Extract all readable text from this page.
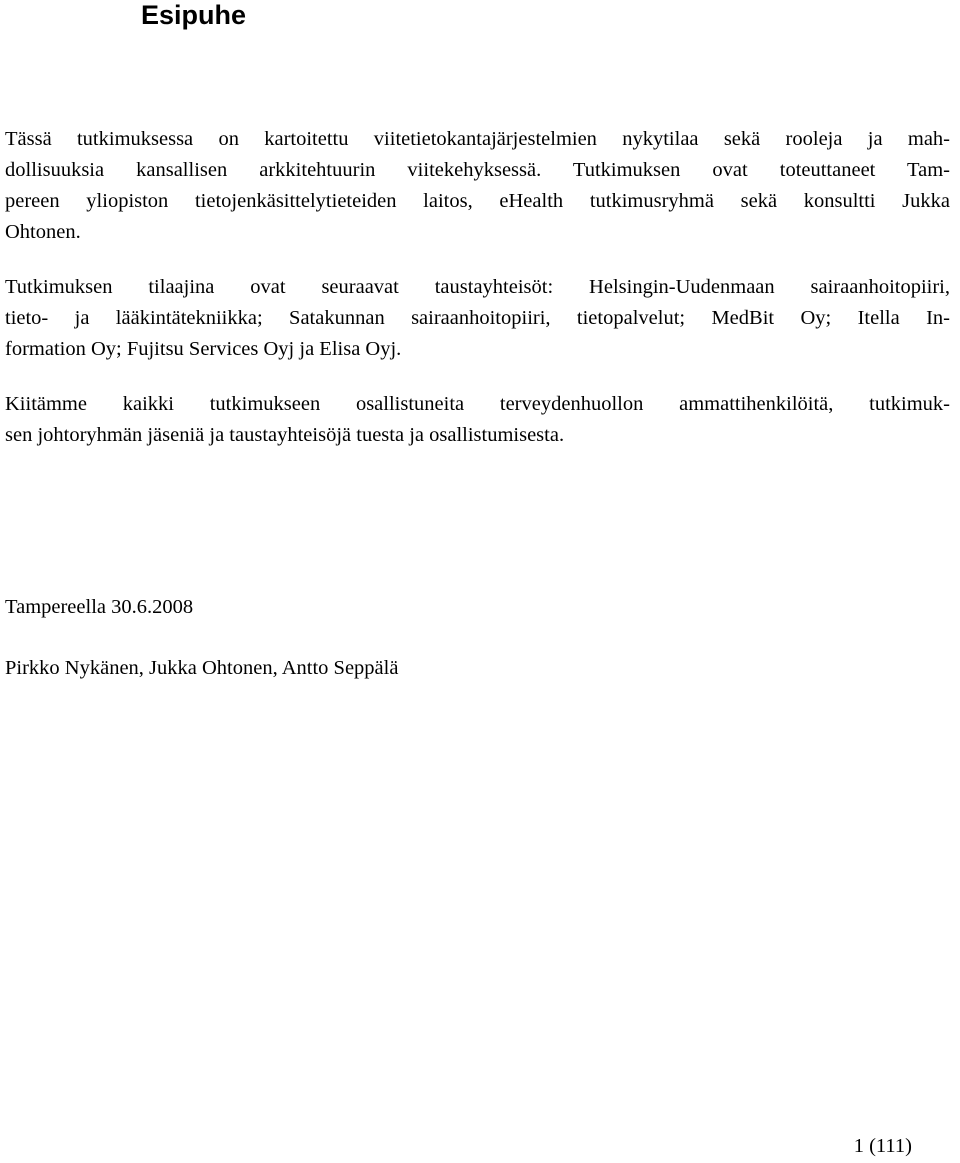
Esipuhe

Tässä tutkimuksessa on kartoitettu viitetietokantajärjestelmien nykytilaa sekä rooleja ja mah-
dollisuuksia kansallisen arkkitehtuurin viitekehyksessä. Tutkimuksen ovat toteuttaneet Tam-
pereen yliopiston tietojenkäsittelytieteiden laitos, eHealth tutkimusryhmä sekä konsultti Jukka
Ohtonen.

Tutkimuksen tilaajina ovat seuraavat taustayhteisöt: Helsingin-Uudenmaan sairaanhoitopiiri,
tieto- ja lääkintätekniikka; Satakunnan sairaanhoitopiiri, tietopalvelut; MedBit Oy; Itella In-
formation Oy; Fujitsu Services Oyj ja Elisa Oyj.

Kiitämme kaikki tutkimukseen osallistuneita terveydenhuollon ammattihenkilöitä, tutkimuk-
sen johtoryhmän jäseniä ja taustayhteisöjä tuesta ja osallistumisesta.

Tampereella 30.6.2008

Pirkko Nykänen, Jukka Ohtonen, Antto Seppälä

1 (111)
